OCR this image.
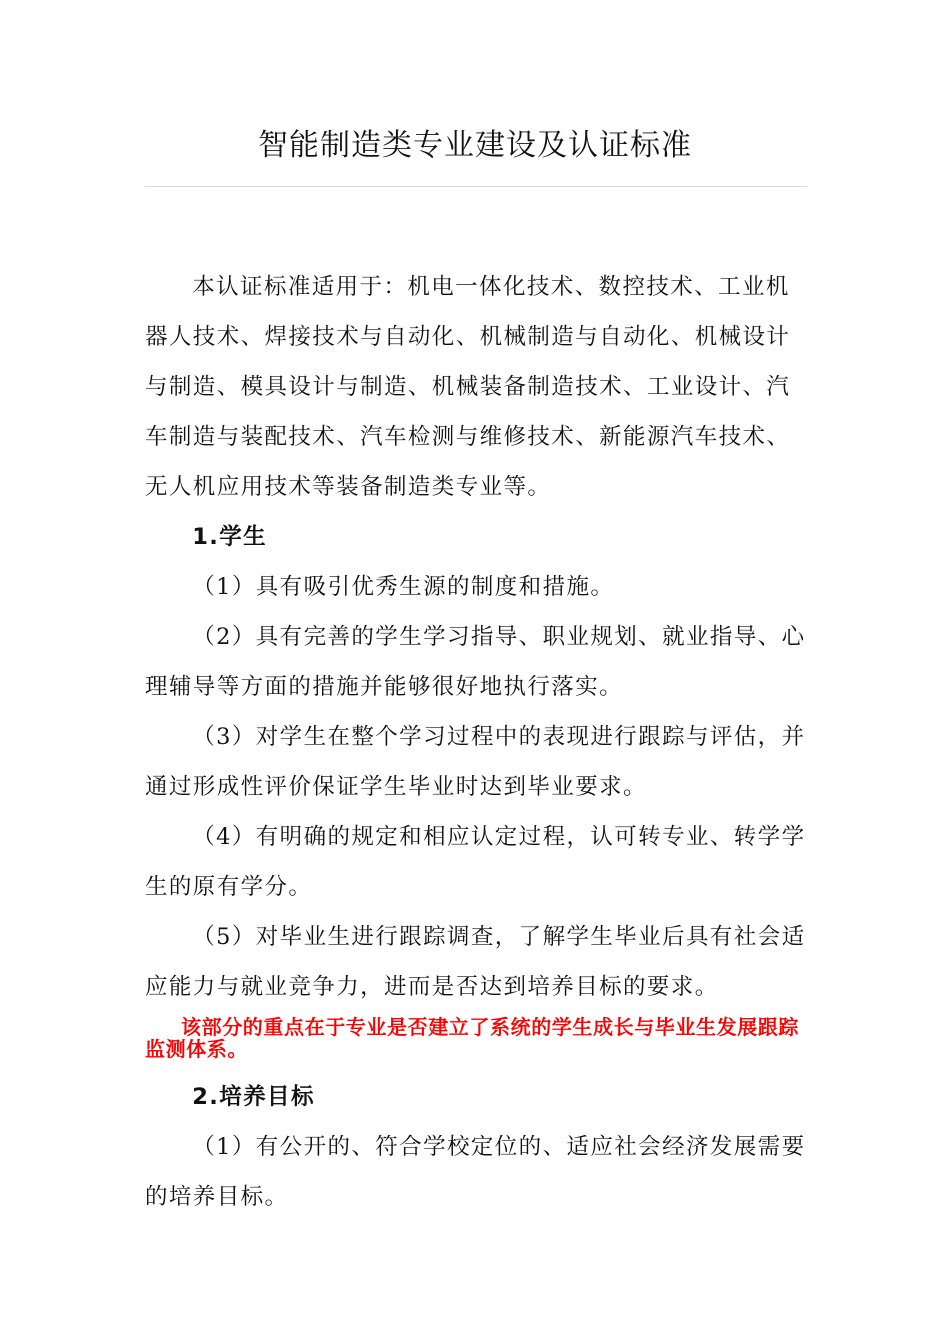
智能制造类专业建设及认证标准

本认证标准适用于：机电一体化技术、数控技术、工业机器人技术、焊接技术与自动化、机械制造与自动化、机械设计与制造、模具设计与制造、机械装备制造技术、工业设计、汽车制造与装配技术、汽车检测与维修技术、新能源汽车技术、无人机应用技术等装备制造类专业等。

1.学生

（1）具有吸引优秀生源的制度和措施。

（2）具有完善的学生学习指导、职业规划、就业指导、心理辅导等方面的措施并能够很好地执行落实。

（3）对学生在整个学习过程中的表现进行跟踪与评估，并通过形成性评价保证学生毕业时达到毕业要求。

（4）有明确的规定和相应认定过程，认可转专业、转学学生的原有学分。

（5）对毕业生进行跟踪调查，了解学生毕业后具有社会适应能力与就业竞争力，进而是否达到培养目标的要求。

该部分的重点在于专业是否建立了系统的学生成长与毕业生发展跟踪监测体系。

2.培养目标

（1）有公开的、符合学校定位的、适应社会经济发展需要的培养目标。
